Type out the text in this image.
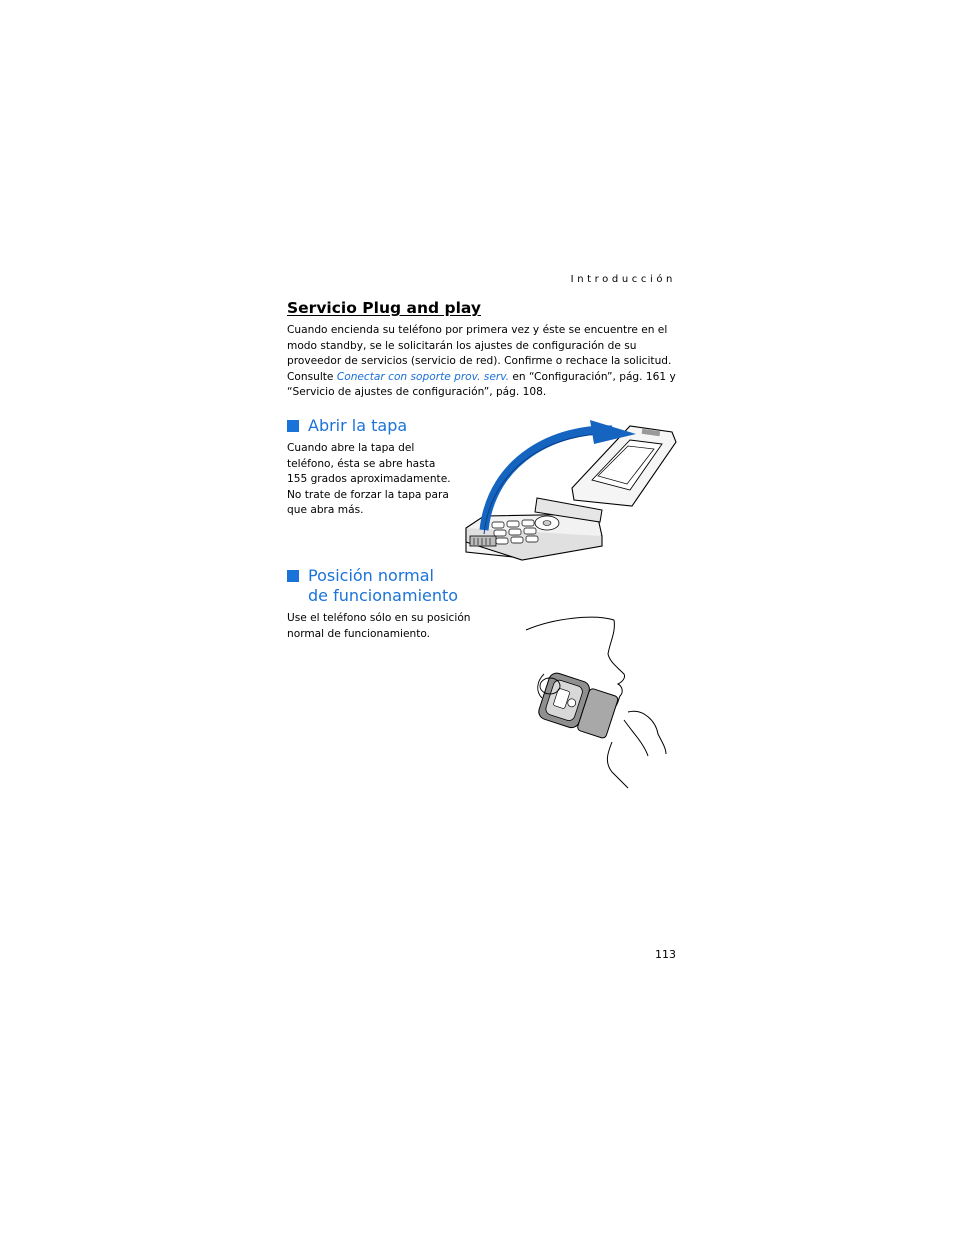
Introducción
Servicio Plug and play
Cuando encienda su teléfono por primera vez y éste se encuentre en el modo standby, se le solicitarán los ajustes de configuración de su proveedor de servicios (servicio de red). Confirme o rechace la solicitud. Consulte Conectar con soporte prov. serv. en “Configuración”, pág. 161 y “Servicio de ajustes de configuración”, pág. 108.
Abrir la tapa
Cuando abre la tapa del teléfono, ésta se abre hasta 155 grados aproximadamente. No trate de forzar la tapa para que abra más.
Posición normal
de funcionamiento
Use el teléfono sólo en su posición normal de funcionamiento.
113
